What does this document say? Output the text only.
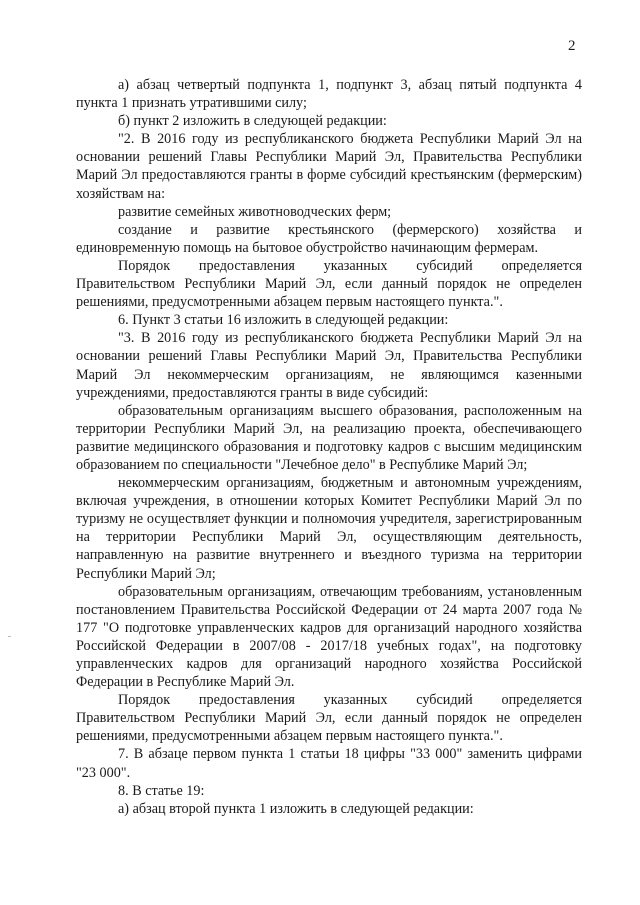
2

а) абзац четвертый подпункта 1, подпункт 3, абзац пятый подпункта 4 пункта 1 признать утратившими силу;

б) пункт 2 изложить в следующей редакции:

"2. В 2016 году из республиканского бюджета Республики Марий Эл на основании решений Главы Республики Марий Эл, Правительства Республики Марий Эл предоставляются гранты в форме субсидий крестьянским (фермерским) хозяйствам на:

развитие семейных животноводческих ферм;

создание и развитие крестьянского (фермерского) хозяйства и единовременную помощь на бытовое обустройство начинающим фермерам.

Порядок предоставления указанных субсидий определяется Правительством Республики Марий Эл, если данный порядок не определен решениями, предусмотренными абзацем первым настоящего пункта.".

6. Пункт 3 статьи 16 изложить в следующей редакции:

"3. В 2016 году из республиканского бюджета Республики Марий Эл на основании решений Главы Республики Марий Эл, Правительства Республики Марий Эл некоммерческим организациям, не являющимся казенными учреждениями, предоставляются гранты в виде субсидий:

образовательным организациям высшего образования, расположенным на территории Республики Марий Эл, на реализацию проекта, обеспечивающего развитие медицинского образования и подготовку кадров с высшим медицинским образованием по специальности "Лечебное дело" в Республике Марий Эл;

некоммерческим организациям, бюджетным и автономным учреждениям, включая учреждения, в отношении которых Комитет Республики Марий Эл по туризму не осуществляет функции и полномочия учредителя, зарегистрированным на территории Республики Марий Эл, осуществляющим деятельность, направленную на развитие внутреннего и въездного туризма на территории Республики Марий Эл;

образовательным организациям, отвечающим требованиям, установленным постановлением Правительства Российской Федерации от 24 марта 2007 года № 177 "О подготовке управленческих кадров для организаций народного хозяйства Российской Федерации в 2007/08 - 2017/18 учебных годах", на подготовку управленческих кадров для организаций народного хозяйства Российской Федерации в Республике Марий Эл.

Порядок предоставления указанных субсидий определяется Правительством Республики Марий Эл, если данный порядок не определен решениями, предусмотренными абзацем первым настоящего пункта.".

7. В абзаце первом пункта 1 статьи 18 цифры "33 000" заменить цифрами "23 000".

8. В статье 19:

а) абзац второй пункта 1 изложить в следующей редакции:
